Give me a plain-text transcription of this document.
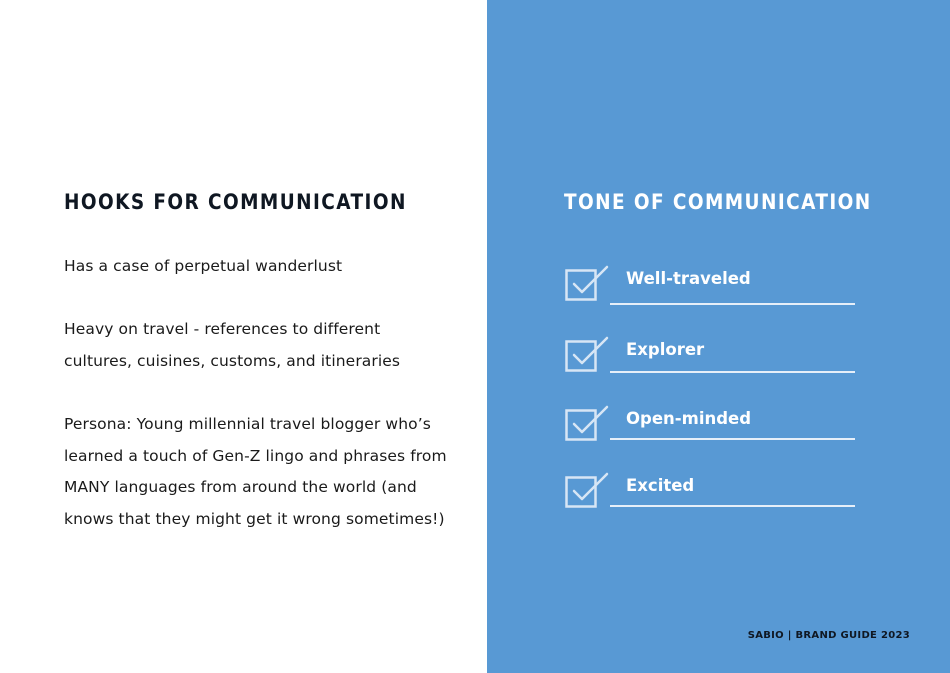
HOOKS FOR COMMUNICATION

Has a case of perpetual wanderlust

Heavy on travel - references to different
cultures, cuisines, customs, and itineraries

Persona: Young millennial travel blogger who’s
learned a touch of Gen-Z lingo and phrases from
MANY languages from around the world (and
knows that they might get it wrong sometimes!)

TONE OF COMMUNICATION
Well-traveled
Explorer
Open-minded
Excited
SABIO | BRAND GUIDE 2023
